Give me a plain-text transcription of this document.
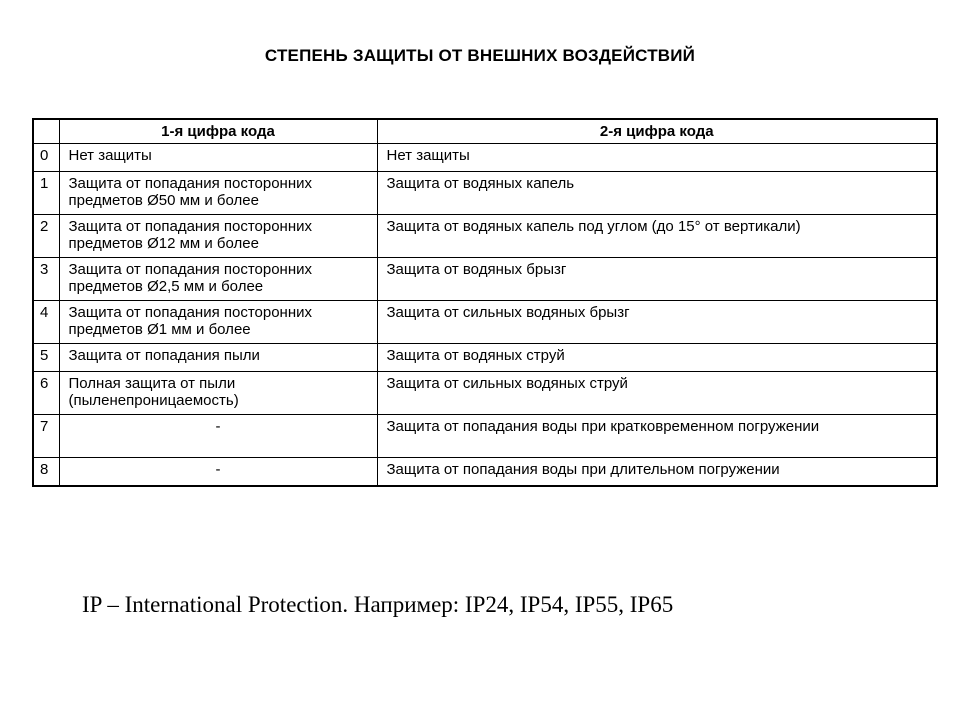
СТЕПЕНЬ ЗАЩИТЫ ОТ ВНЕШНИХ ВОЗДЕЙСТВИЙ
	1-я цифра кода	2-я цифра кода
0	Нет защиты	Нет защиты
1	Защита от попадания посторонних предметов Ø50 мм и более	Защита от водяных капель
2	Защита от попадания посторонних предметов Ø12 мм и более	Защита от водяных капель под углом (до 15° от вертикали)
3	Защита от попадания посторонних предметов Ø2,5 мм и более	Защита от водяных брызг
4	Защита от попадания посторонних предметов Ø1 мм и более	Защита от сильных водяных брызг
5	Защита от попадания пыли	Защита от водяных струй
6	Полная защита от пыли (пыленепроницаемость)	Защита от сильных водяных струй
7	-	Защита от попадания воды при кратковременном погружении
8	-	Защита от попадания воды при длительном погружении
IP – International Protection. Например: IP24, IP54, IP55, IP65
